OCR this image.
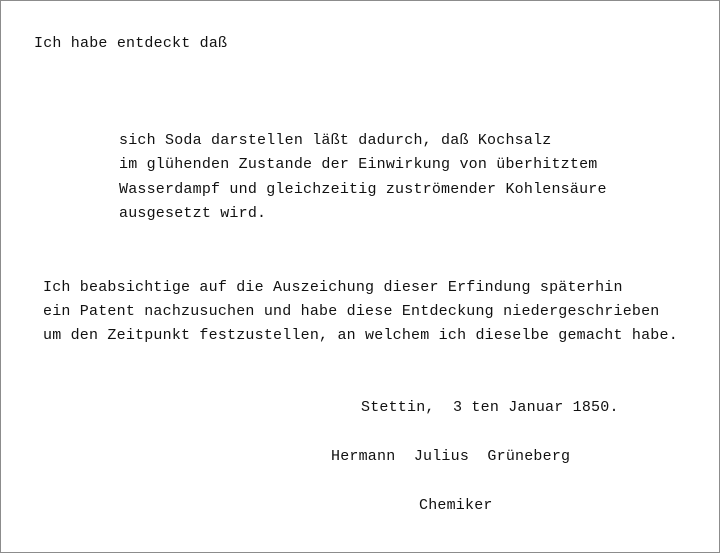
Ich habe entdeckt daß
sich Soda darstellen läßt dadurch, daß Kochsalz
im glühenden Zustande der Einwirkung von überhitztem
Wasserdampf und gleichzeitig zuströmender Kohlensäure
ausgesetzt wird.
Ich beabsichtige auf die Auszeichung dieser Erfindung späterhin
ein Patent nachzusuchen und habe diese Entdeckung niedergeschrieben
um den Zeitpunkt festzustellen, an welchem ich dieselbe gemacht habe.
Stettin,  3 ten Januar 1850.
Hermann  Julius  Grüneberg
Chemiker
